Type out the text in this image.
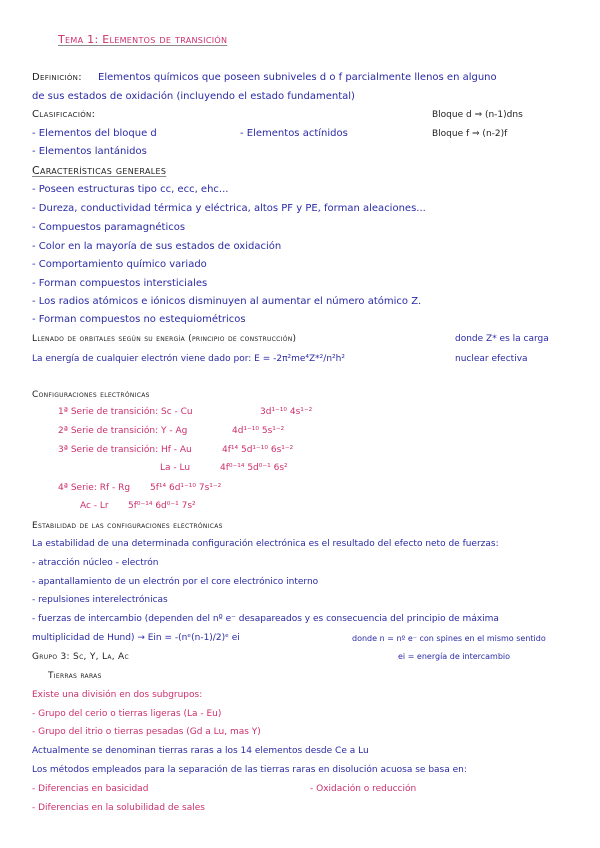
Tema 1: Elementos de transición
Definición: Elementos químicos que poseen subniveles d o f parcialmente llenos en alguno
de sus estados de oxidación (incluyendo el estado fundamental)
Clasificación:	Bloque d ⇒ (n-1)dns
- Elementos del bloque d	- Elementos actínidos	Bloque f ⇒ (n-2)f
- Elementos lantánidos
Características generales
- Poseen estructuras tipo cc, ecc, ehc...
- Dureza, conductividad térmica y eléctrica, altos PF y PE, forman aleaciones...
- Compuestos paramagnéticos
- Color en la mayoría de sus estados de oxidación
- Comportamiento químico variado
- Forman compuestos intersticiales
- Los radios atómicos e iónicos disminuyen al aumentar el número atómico Z.
- Forman compuestos no estequiométricos
Llenado de orbitales según su energía (principio de construcción)	donde Z* es la carga
La energía de cualquier electrón viene dado por: E = -2π²me⁴Z*²/n²h²	nuclear efectiva
Configuraciones electrónicas
1ª Serie de transición: Sc - Cu	3d¹⁻¹⁰ 4s¹⁻²
2ª Serie de transición: Y - Ag	4d¹⁻¹⁰ 5s¹⁻²
3ª Serie de transición: Hf - Au	4f¹⁴ 5d¹⁻¹⁰ 6s¹⁻²
La - Lu	4f⁰⁻¹⁴ 5d⁰⁻¹ 6s²
4ª Serie: Rf - Rg 5f¹⁴ 6d¹⁻¹⁰ 7s¹⁻²
Ac - Lr 5f⁰⁻¹⁴ 6d⁰⁻¹ 7s²
Estabilidad de las configuraciones electrónicas
La estabilidad de una determinada configuración electrónica es el resultado del efecto neto de fuerzas:
- atracción núcleo - electrón
- apantallamiento de un electrón por el core electrónico interno
- repulsiones interelectrónicas
- fuerzas de intercambio (dependen del nº e⁻ desapareados y es consecuencia del principio de máxima
multiplicidad de Hund) → Ein = -(nᵉ(n-1)/2)ᵉ ei	donde n = nº e⁻ con spines en el mismo sentido
Grupo 3: Sc, Y, La, Ac	ei = energía de intercambio
Tierras raras
Existe una división en dos subgrupos:
- Grupo del cerio o tierras ligeras (La - Eu)
- Grupo del itrio o tierras pesadas (Gd a Lu, mas Y)
Actualmente se denominan tierras raras a los 14 elementos desde Ce a Lu
Los métodos empleados para la separación de las tierras raras en disolución acuosa se basa en:
- Diferencias en basicidad	- Oxidación o reducción
- Diferencias en la solubilidad de sales
